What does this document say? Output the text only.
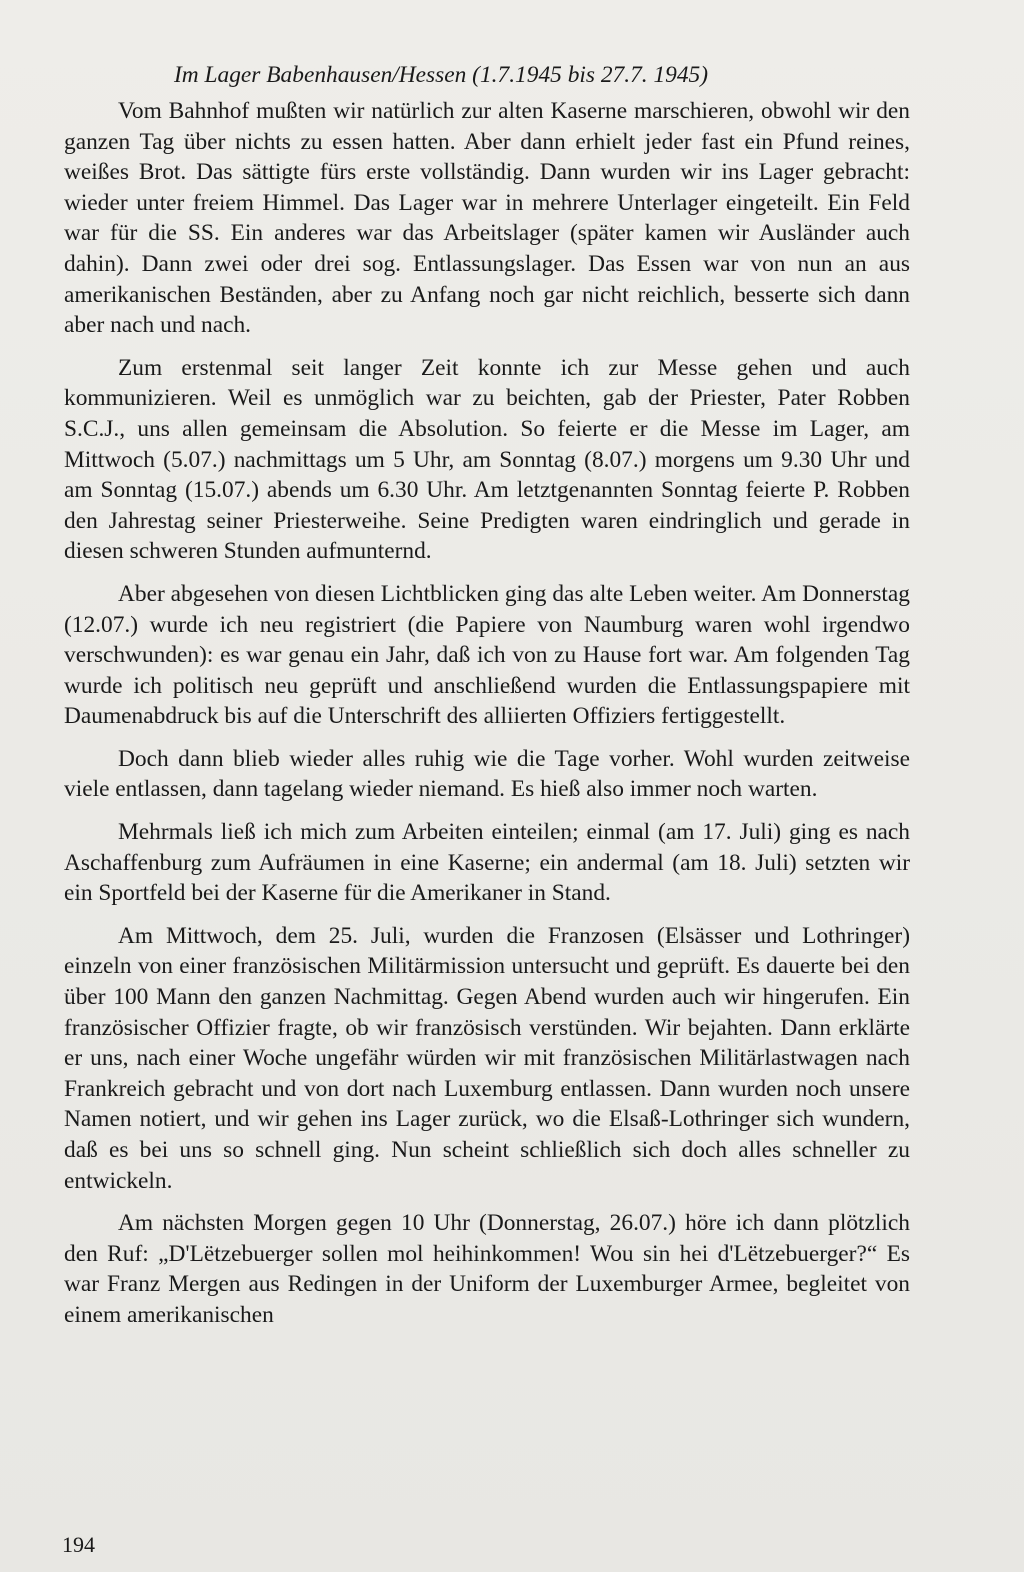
Im Lager Babenhausen/Hessen (1.7.1945 bis 27.7. 1945)

Vom Bahnhof mußten wir natürlich zur alten Kaserne marschieren, obwohl wir den ganzen Tag über nichts zu essen hatten. Aber dann erhielt jeder fast ein Pfund reines, weißes Brot. Das sättigte fürs erste vollständig. Dann wurden wir ins Lager gebracht: wieder unter freiem Himmel. Das Lager war in mehrere Unterlager eingeteilt. Ein Feld war für die SS. Ein anderes war das Arbeitslager (später kamen wir Ausländer auch dahin). Dann zwei oder drei sog. Entlassungslager. Das Essen war von nun an aus amerikanischen Beständen, aber zu Anfang noch gar nicht reichlich, besserte sich dann aber nach und nach.

Zum erstenmal seit langer Zeit konnte ich zur Messe gehen und auch kommunizieren. Weil es unmöglich war zu beichten, gab der Priester, Pater Robben S.C.J., uns allen gemeinsam die Absolution. So feierte er die Messe im Lager, am Mittwoch (5.07.) nachmittags um 5 Uhr, am Sonntag (8.07.) morgens um 9.30 Uhr und am Sonntag (15.07.) abends um 6.30 Uhr. Am letztgenannten Sonntag feierte P. Robben den Jahrestag seiner Priesterweihe. Seine Predigten waren eindringlich und gerade in diesen schweren Stunden aufmunternd.

Aber abgesehen von diesen Lichtblicken ging das alte Leben weiter. Am Donnerstag (12.07.) wurde ich neu registriert (die Papiere von Naumburg waren wohl irgendwo verschwunden): es war genau ein Jahr, daß ich von zu Hause fort war. Am folgenden Tag wurde ich politisch neu geprüft und anschließend wurden die Entlassungspapiere mit Daumenabdruck bis auf die Unterschrift des alliierten Offiziers fertiggestellt.

Doch dann blieb wieder alles ruhig wie die Tage vorher. Wohl wurden zeitweise viele entlassen, dann tagelang wieder niemand. Es hieß also immer noch warten.

Mehrmals ließ ich mich zum Arbeiten einteilen; einmal (am 17. Juli) ging es nach Aschaffenburg zum Aufräumen in eine Kaserne; ein andermal (am 18. Juli) setzten wir ein Sportfeld bei der Kaserne für die Amerikaner in Stand.

Am Mittwoch, dem 25. Juli, wurden die Franzosen (Elsässer und Lothringer) einzeln von einer französischen Militärmission untersucht und geprüft. Es dauerte bei den über 100 Mann den ganzen Nachmittag. Gegen Abend wurden auch wir hingerufen. Ein französischer Offizier fragte, ob wir französisch verstünden. Wir bejahten. Dann erklärte er uns, nach einer Woche ungefähr würden wir mit französischen Militärlastwagen nach Frankreich gebracht und von dort nach Luxemburg entlassen. Dann wurden noch unsere Namen notiert, und wir gehen ins Lager zurück, wo die Elsaß-Lothringer sich wundern, daß es bei uns so schnell ging. Nun scheint schließlich sich doch alles schneller zu entwickeln.

Am nächsten Morgen gegen 10 Uhr (Donnerstag, 26.07.) höre ich dann plötzlich den Ruf: „D'Lëtzebuerger sollen mol heihinkommen! Wou sin hei d'Lëtzebuerger?“ Es war Franz Mergen aus Redingen in der Uniform der Luxemburger Armee, begleitet von einem amerikanischen

194
